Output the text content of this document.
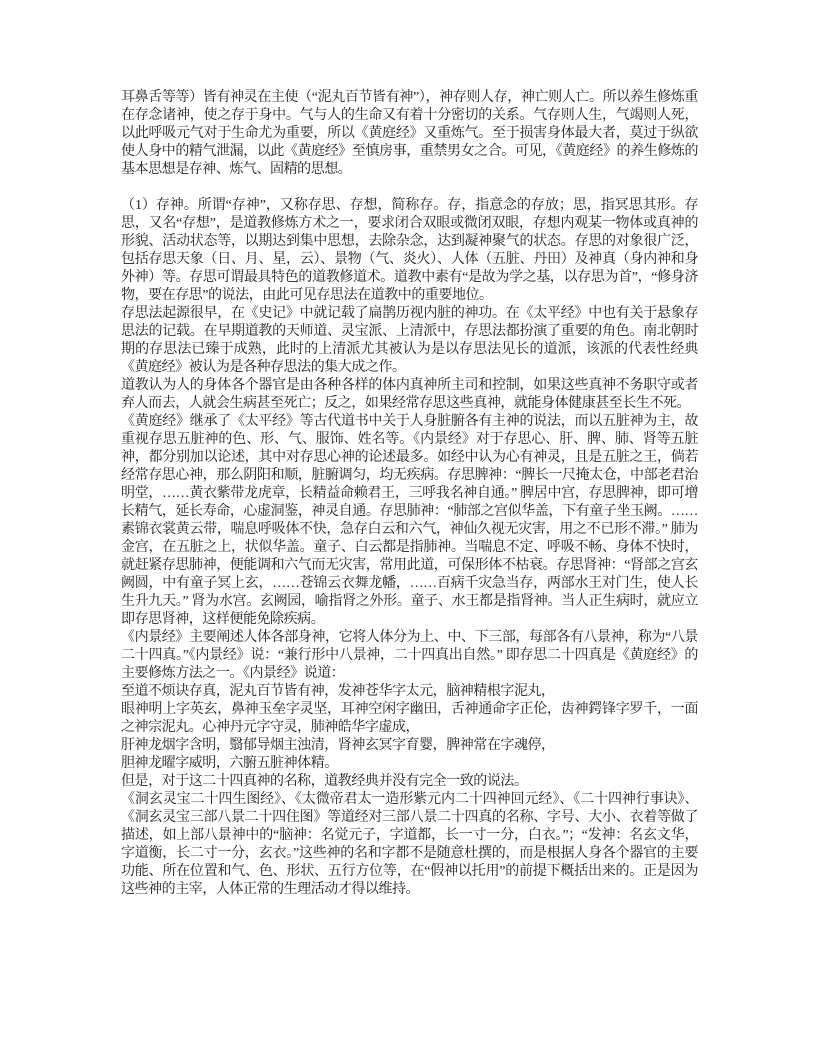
耳鼻舌等等）皆有神灵在主使（“泥丸百节皆有神”），神存则人存，神亡则人亡。所以养生修炼重在存念诸神，使之存于身中。气与人的生命又有着十分密切的关系。气存则人生，气竭则人死，以此呼吸元气对于生命尤为重要，所以《黄庭经》又重炼气。至于损害身体最大者，莫过于纵欲使人身中的精气泄漏，以此《黄庭经》至慎房事，重禁男女之合。可见，《黄庭经》的养生修炼的基本思想是存神、炼气、固精的思想。

（1）存神。所谓“存神”，又称存思、存想，简称存。存，指意念的存放；思，指冥思其形。存思，又名“存想”，是道教修炼方术之一，要求闭合双眼或微闭双眼，存想内观某一物体或真神的形貌、活动状态等，以期达到集中思想，去除杂念，达到凝神聚气的状态。存思的对象很广泛，包括存思天象（日、月、星，云）、景物（气、炎火）、人体（五脏、丹田）及神真（身内神和身外神）等。存思可谓最具特色的道教修道术。道教中素有“是故为学之基，以存思为首”，“修身济物，要在存思”的说法，由此可见存思法在道教中的重要地位。

存思法起源很早，在《史记》中就记载了扁鹊历视内脏的神功。在《太平经》中也有关于悬象存思法的记载。在早期道教的天师道、灵宝派、上清派中，存思法都扮演了重要的角色。南北朝时期的存思法已臻于成熟，此时的上清派尤其被认为是以存思法见长的道派，该派的代表性经典《黄庭经》被认为是各种存思法的集大成之作。

道教认为人的身体各个器官是由各种各样的体内真神所主司和控制，如果这些真神不务职守或者弃人而去，人就会生病甚至死亡；反之，如果经常存思这些真神，就能身体健康甚至长生不死。

《黄庭经》继承了《太平经》等古代道书中关于人身脏腑各有主神的说法，而以五脏神为主，故重视存思五脏神的色、形、气、服饰、姓名等。《内景经》对于存思心、肝、脾、肺、肾等五脏神，都分别加以论述，其中对存思心神的论述最多。如经中认为心有神灵，且是五脏之王，倘若经常存思心神，那么阴阳和顺，脏腑调匀，均无疾病。存思脾神：“脾长一尺掩太仓，中部老君治明堂，……黄衣紫带龙虎章，长精益命赖君王，三呼我名神自通。” 脾居中宫，存思脾神，即可增长精气，延长寿命，心虚洞鉴，神灵自通。存思肺神：“肺部之宫似华盖，下有童子坐玉阙。……素锦衣裳黄云带，喘息呼吸体不快，急存白云和六气，神仙久视无灾害，用之不已形不滞。” 肺为金宫，在五脏之上，状似华盖。童子、白云都是指肺神。当喘息不定、呼吸不畅、身体不快时，就赶紧存思肺神，便能调和六气而无灾害，常用此道，可保形体不枯衰。存思肾神：“肾部之宫玄阙圆，中有童子冥上玄，……苍锦云衣舞龙幡，……百病千灾急当存，两部水王对门生，使人长生升九天。” 肾为水宫。玄阙园，喻指肾之外形。童子、水王都是指肾神。当人正生病时，就应立即存思肾神，这样便能免除疾病。

《内景经》主要阐述人体各部身神，它将人体分为上、中、下三部，每部各有八景神，称为“八景二十四真。”《内景经》说：“兼行形中八景神，二十四真出自然。” 即存思二十四真是《黄庭经》的主要修炼方法之一。《内景经》说道：

至道不烦诀存真，泥丸百节皆有神，发神苍华字太元，脑神精根字泥丸，

眼神明上字英玄，鼻神玉垒字灵坚，耳神空闲字幽田，舌神通命字正伦，齿神鍔锋字罗千，一面之神宗泥丸。心神丹元字守灵，肺神皓华字虚成，

肝神龙烟字含明，翳郁导烟主浊清，肾神玄冥字育婴，脾神常在字魂停，

胆神龙曜字威明，六腑五脏神体精。

但是，对于这二十四真神的名称，道教经典并没有完全一致的说法。

《洞玄灵宝二十四生图经》、《太微帝君太一造形紫元内二十四神回元经》、《二十四神行事诀》、《洞玄灵宝三部八景二十四住图》等道经对三部八景二十四真的名称、字号、大小、衣着等做了描述，如上部八景神中的“脑神：名觉元子，字道都，长一寸一分，白衣。”；“发神：名玄文华，字道衡，长二寸一分，玄衣。”这些神的名和字都不是随意杜撰的，而是根据人身各个器官的主要功能、所在位置和气、色、形状、五行方位等，在“假神以托用”的前提下概括出来的。正是因为这些神的主宰，人体正常的生理活动才得以维持。
